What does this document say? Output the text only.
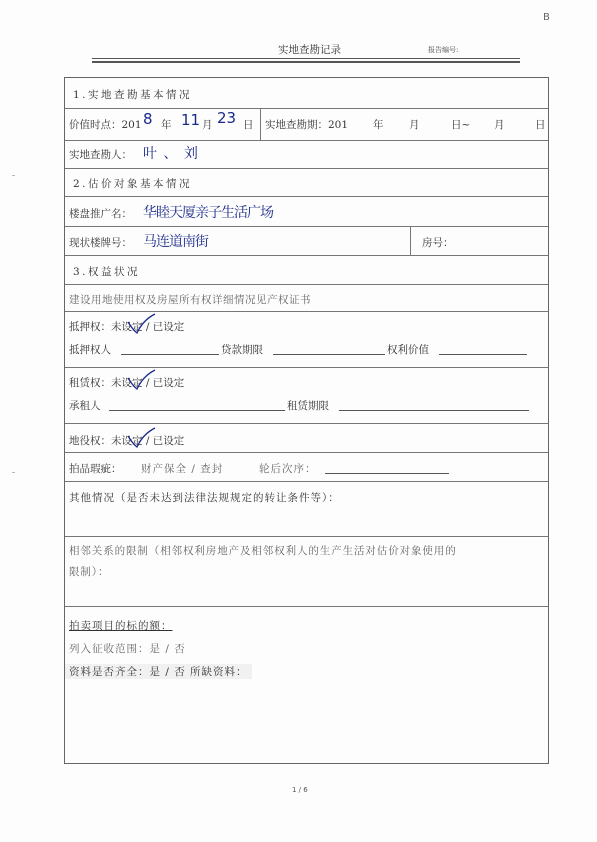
B
实地查勘记录	报告编号:
1.实地查勘基本情况
价值时点：201 8 年 11 月 23 日 实地查勘期：201 年 月	日~ 月	日
实地查勘人： 叶 、 刘
2.估价对象基本情况
楼盘推广名： 华睦天厦亲子生活广场
现状楼牌号： 马连道南街	房号：
3.权益状况
建设用地使用权及房屋所有权详细情况见产权证书
抵押权：未设定 / 已设定
抵押权人	贷款期限	权利价值
租赁权：未设定 / 已设定
承租人	租赁期限
地役权：未设定 / 已设定
拍品瑕疵： 财产保全 / 查封	轮后次序：
其他情况（是否未达到法律法规规定的转让条件等）：
相邻关系的限制（相邻权利房地产及相邻权利人的生产生活对估价对象使用的
限制）：
拍卖项目的标的额：
列入征收范围：是 / 否
资料是否齐全：是 / 否 所缺资料：
1 / 6
